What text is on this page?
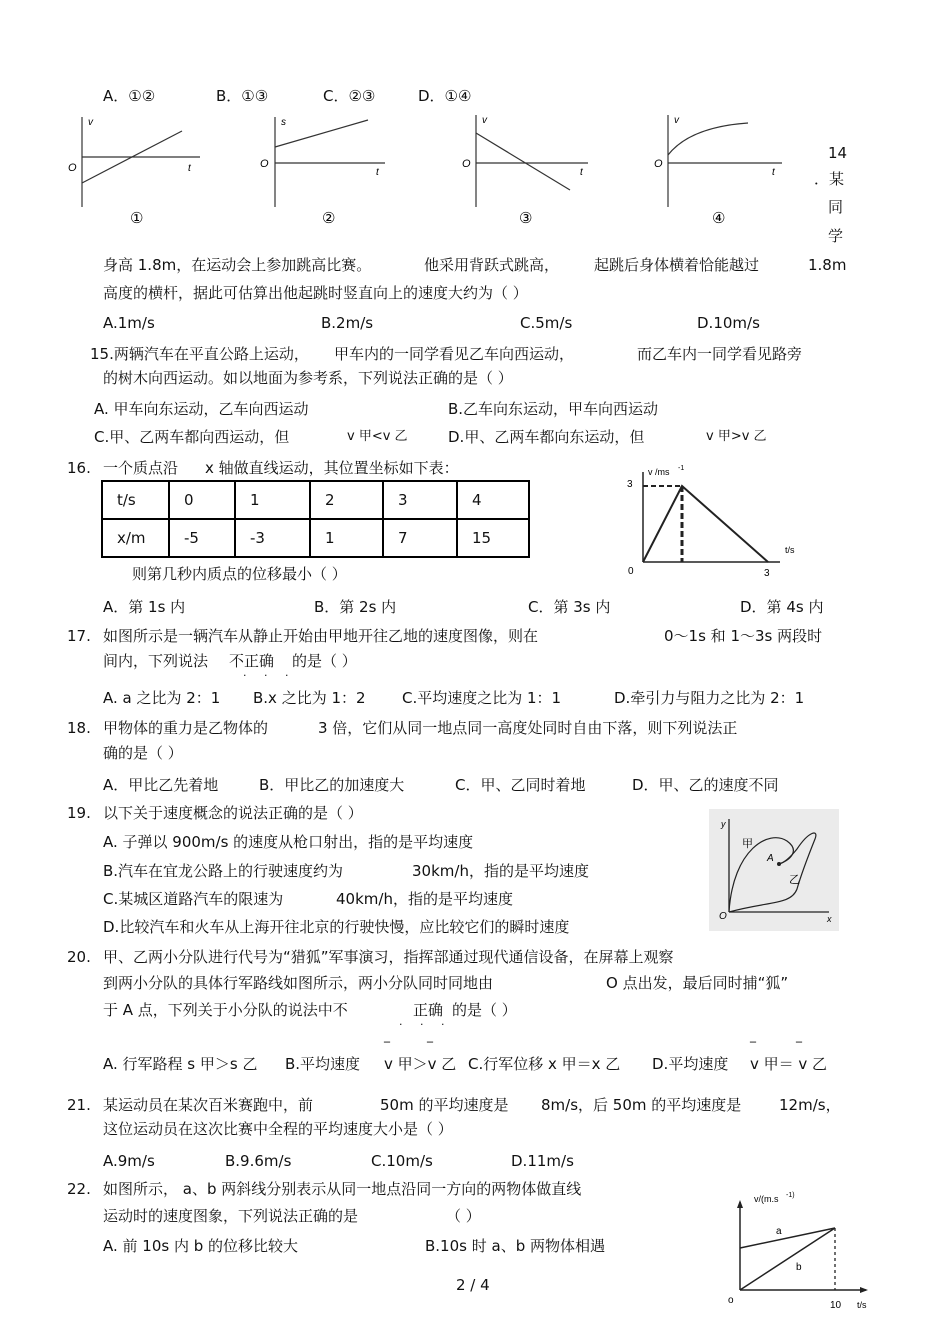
A．①②	B．①③	C．②③	D．①④
v
t
O
①
s
t
O
②
v
t
O
③
v
t
O
④
14
．某
同
学
身高 1.8m，在运动会上参加跳高比赛。	他采用背跃式跳高， 起跳后身体横着恰能越过	1.8m
高度的横杆，据此可估算出他起跳时竖直向上的速度大约为（ ）
A.1m/s	B.2m/s	C.5m/s	D.10m/s
15.两辆汽车在平直公路上运动， 甲车内的一同学看见乙车向西运动，	而乙车内一同学看见路旁
的树木向西运动。如以地面为参考系，下列说法正确的是（ ）
A. 甲车向东运动，乙车向西运动	B.乙车向东运动，甲车向西运动
C.甲、乙两车都向西运动，但	v 甲<v 乙	D.甲、乙两车都向东运动，但	v 甲>v 乙
16. 一个质点沿 x 轴做直线运动，其位置坐标如下表：
t/s	0	1	2	3	4
x/m	-5	-3	1	7	15
则第几秒内质点的位移最小（ ）
A．第 1s 内	B．第 2s 内	C．第 3s 内	D．第 4s 内
v /ms -1
3
0	3
t/s
17. 如图所示是一辆汽车从静止开始由甲地开往乙地的速度图像，则在	0～1s 和 1～3s 两段时
间内，下列说法 不正确
· · ·
的是（ ）
A. a 之比为 2：1 B.x 之比为 1：2 C.平均速度之比为 1：1	D.牵引力与阻力之比为 2：1
18. 甲物体的重力是乙物体的	3 倍，它们从同一地点同一高度处同时自由下落，则下列说法正
确的是（ ）
A．甲比乙先着地	B．甲比乙的加速度大	C．甲、乙同时着地	D．甲、乙的速度不同
19. 以下关于速度概念的说法正确的是（ ）
A. 子弹以 900m/s 的速度从枪口射出，指的是平均速度
B.汽车在宜龙公路上的行驶速度约为	30km/h，指的是平均速度
C.某城区道路汽车的限速为	40km/h，指的是平均速度
D.比较汽车和火车从上海开往北京的行驶快慢，应比较它们的瞬时速度
y
甲
A
乙
O	x
20. 甲、乙两小分队进行代号为“猎狐”军事演习，指挥部通过现代通信设备，在屏幕上观察
到两小分队的具体行军路线如图所示，两小分队同时同地由	O 点出发，最后同时捕“狐”
于 A 点，下列关于小分队的说法中不	正确
· · ·
的是（ ）
A. 行军路程 s 甲＞s 乙 B.平均速度 v 甲＞v 乙
‾	‾
C.行军位移 x 甲＝x 乙 D.平均速度 v 甲＝ v 乙
‾	‾
21. 某运动员在某次百米赛跑中，前	50m 的平均速度是 8m/s，后 50m 的平均速度是	12m/s，
这位运动员在这次比赛中全程的平均速度大小是（ ）
A.9m/s	B.9.6m/s	C.10m/s	D.11m/s
22. 如图所示， a、b 两斜线分别表示从同一地点沿同一方向的两物体做直线
运动时的速度图象，下列说法正确的是	（ ）
A. 前 10s 内 b 的位移比较大	B.10s 时 a、b 两物体相遇
v/(m.s -1)
a
b
o	10 t/s
2 / 4
